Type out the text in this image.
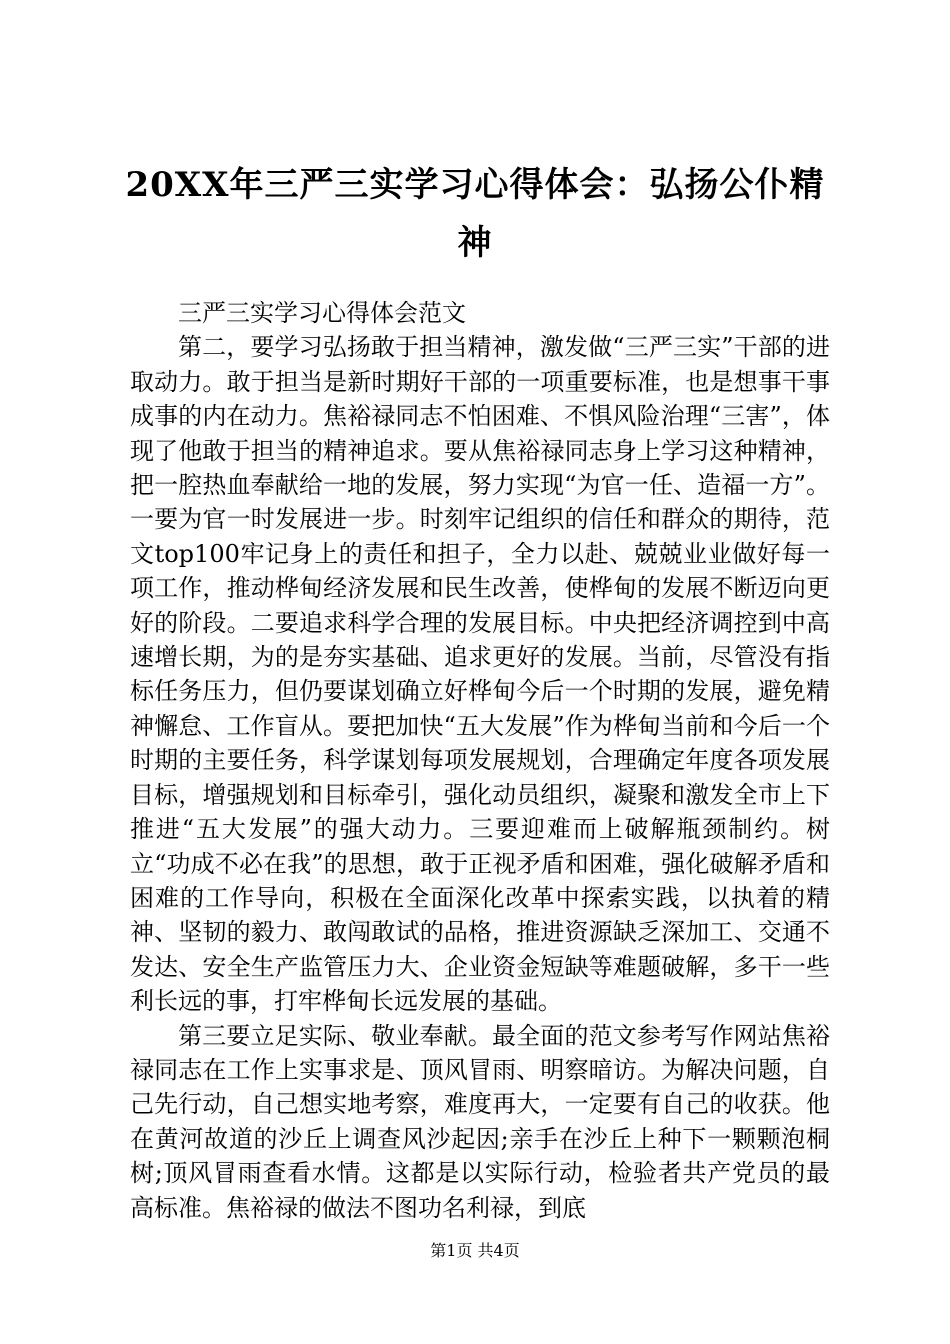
20XX年三严三实学习心得体会：弘扬公仆精神

三严三实学习心得体会范文

第二，要学习弘扬敢于担当精神，激发做“三严三实”干部的进取动力。敢于担当是新时期好干部的一项重要标准，也是想事干事成事的内在动力。焦裕禄同志不怕困难、不惧风险治理“三害”，体现了他敢于担当的精神追求。要从焦裕禄同志身上学习这种精神，把一腔热血奉献给一地的发展，努力实现“为官一任、造福一方”。一要为官一时发展进一步。时刻牢记组织的信任和群众的期待，范文top100牢记身上的责任和担子，全力以赴、兢兢业业做好每一项工作，推动桦甸经济发展和民生改善，使桦甸的发展不断迈向更好的阶段。二要追求科学合理的发展目标。中央把经济调控到中高速增长期，为的是夯实基础、追求更好的发展。当前，尽管没有指标任务压力，但仍要谋划确立好桦甸今后一个时期的发展，避免精神懈怠、工作盲从。要把加快“五大发展”作为桦甸当前和今后一个时期的主要任务，科学谋划每项发展规划，合理确定年度各项发展目标，增强规划和目标牵引，强化动员组织，凝聚和激发全市上下推进“五大发展”的强大动力。三要迎难而上破解瓶颈制约。树立“功成不必在我”的思想，敢于正视矛盾和困难，强化破解矛盾和困难的工作导向，积极在全面深化改革中探索实践，以执着的精神、坚韧的毅力、敢闯敢试的品格，推进资源缺乏深加工、交通不发达、安全生产监管压力大、企业资金短缺等难题破解，多干一些利长远的事，打牢桦甸长远发展的基础。

第三要立足实际、敬业奉献。最全面的范文参考写作网站焦裕禄同志在工作上实事求是、顶风冒雨、明察暗访。为解决问题，自己先行动，自己想实地考察，难度再大，一定要有自己的收获。他在黄河故道的沙丘上调查风沙起因;亲手在沙丘上种下一颗颗泡桐树;顶风冒雨查看水情。这都是以实际行动，检验者共产党员的最高标准。焦裕禄的做法不图功名利禄，到底

第1页 共4页
